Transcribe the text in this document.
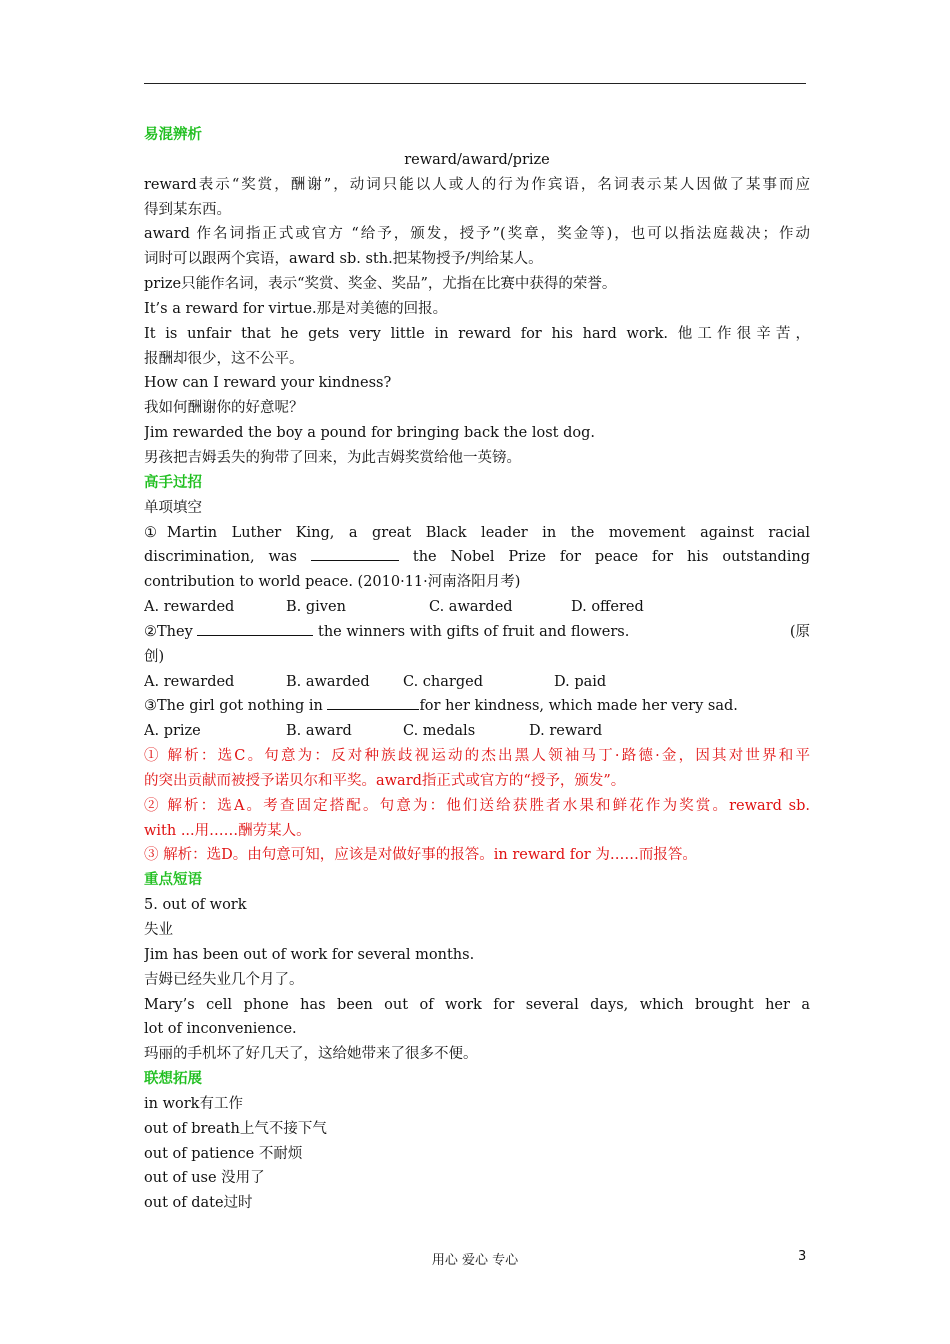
易混辨析
reward/award/prize
reward表示“奖赏，酬谢”，动词只能以人或人的行为作宾语，名词表示某人因做了某事而应
得到某东西。
award 作名词指正式或官方 “给予，颁发，授予”(奖章，奖金等)，也可以指法庭裁决；作动
词时可以跟两个宾语，award sb. sth.把某物授予/判给某人。
prize只能作名词，表示“奖赏、奖金、奖品”，尤指在比赛中获得的荣誉。
It’s a reward for virtue.那是对美德的回报。
It is unfair that he gets very little in reward for his hard work. 他工作很辛苦，
报酬却很少，这不公平。
How can I reward your kindness?
我如何酬谢你的好意呢？
Jim rewarded the boy a pound for bringing back the lost dog.
男孩把吉姆丢失的狗带了回来，为此吉姆奖赏给他一英镑。
高手过招
单项填空
①Martin Luther King, a great Black leader in the movement against racial
discrimination, was	the Nobel Prize for peace for his outstanding
contribution to world peace. (2010·11·河南洛阳月考)
A. rewarded	B. given	C. awarded	D. offered
②They	the winners with gifts of fruit and flowers.	(原
创)
A. rewarded	B. awarded C. charged	D. paid
③The girl got nothing in	for her kindness, which made her very sad.
A. prize	B. award	C. medals	D. reward
① 解析：选C。句意为：反对种族歧视运动的杰出黑人领袖马丁·路德·金，因其对世界和平
的突出贡献而被授予诺贝尔和平奖。award指正式或官方的“授予，颁发”。
② 解析：选A。考查固定搭配。句意为：他们送给获胜者水果和鲜花作为奖赏。reward sb.
with ...用……酬劳某人。
③ 解析：选D。由句意可知，应该是对做好事的报答。in reward for 为……而报答。
重点短语
5. out of work
失业
Jim has been out of work for several months.
吉姆已经失业几个月了。
Mary’s cell phone has been out of work for several days, which brought her a
lot of inconvenience.
玛丽的手机坏了好几天了，这给她带来了很多不便。
联想拓展
in work有工作
out of breath上气不接下气
out of patience 不耐烦
out of use 没用了
out of date过时
用心 爱心 专心	3
